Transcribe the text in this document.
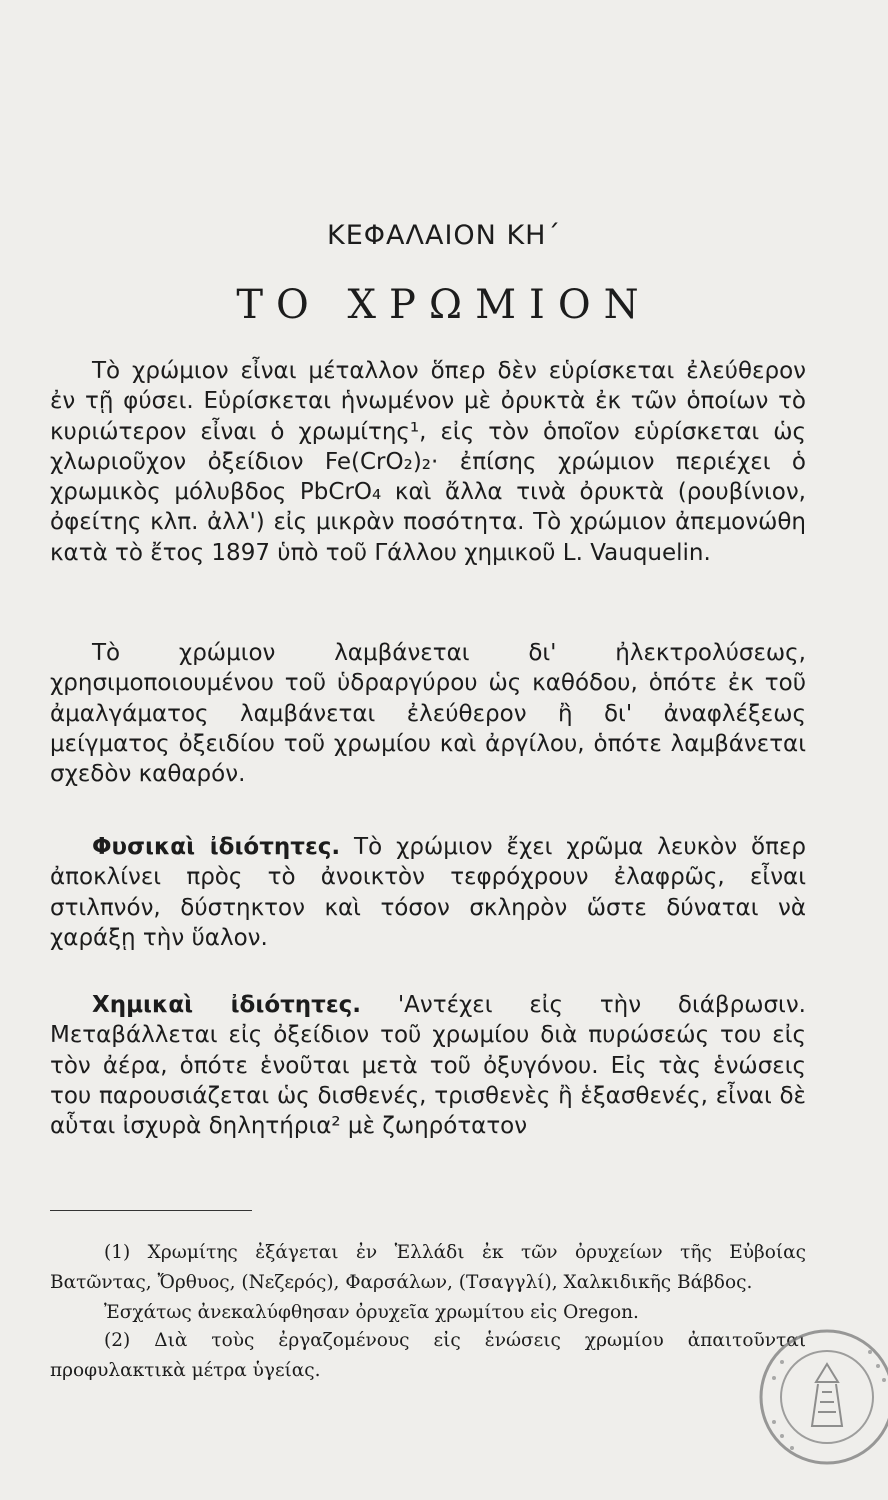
ΚΕΦΑΛΑΙΟΝ ΚΗ΄
ΤΟ ΧΡΩΜΙΟΝ

Τὸ χρώμιον εἶναι μέταλλον ὅπερ δὲν εὑρίσκεται ἐλεύθερον ἐν τῇ φύσει. Εὑρίσκεται ἡνωμένον μὲ ὀρυκτὰ ἐκ τῶν ὁποίων τὸ κυριώτερον εἶναι ὁ χρωμίτης¹, εἰς τὸν ὁποῖον εὑρίσκεται ὡς χλωριοῦχον ὀξείδιον Fe(CrO₂)₂· ἐπίσης χρώμιον περιέχει ὁ χρωμικὸς μόλυβδος PbCrO₄ καὶ ἄλλα τινὰ ὀρυκτὰ (ρουβίνιον, ὀφείτης κλπ. ἀλλ') εἰς μικρὰν ποσότητα. Τὸ χρώμιον ἀπεμονώθη κατὰ τὸ ἔτος 1897 ὑπὸ τοῦ Γάλλου χημικοῦ L. Vauquelin.

Τὸ χρώμιον λαμβάνεται δι' ἠλεκτρολύσεως, χρησιμοποιουμένου τοῦ ὑδραργύρου ὡς καθόδου, ὁπότε ἐκ τοῦ ἀμαλγάματος λαμβάνεται ἐλεύθερον ἢ δι' ἀναφλέξεως μείγματος ὀξειδίου τοῦ χρωμίου καὶ ἀργίλου, ὁπότε λαμβάνεται σχεδὸν καθαρόν.

Φυσικαὶ ἰδιότητες. Τὸ χρώμιον ἔχει χρῶμα λευκὸν ὅπερ ἀποκλίνει πρὸς τὸ ἀνοικτὸν τεφρόχρουν ἐλαφρῶς, εἶναι στιλπνόν, δύστηκτον καὶ τόσον σκληρὸν ὥστε δύναται νὰ χαράξῃ τὴν ὕαλον.

Χημικαὶ ἰδιότητες. 'Αντέχει εἰς τὴν διάβρωσιν. Μεταβάλλεται εἰς ὀξείδιον τοῦ χρωμίου διὰ πυρώσεώς του εἰς τὸν ἀέρα, ὁπότε ἑνοῦται μετὰ τοῦ ὀξυγόνου. Εἰς τὰς ἑνώσεις του παρουσιάζεται ὡς δισθενές, τρισθενὲς ἢ ἑξασθενές, εἶναι δὲ αὗται ἰσχυρὰ δηλητήρια² μὲ ζωηρότατον

(1) Χρωμίτης ἐξάγεται ἐν Ἑλλάδι ἐκ τῶν ὀρυχείων τῆς Εὐβοίας Βατῶντας, Ὄρθυος, (Νεζερός), Φαρσάλων, (Τσαγγλί), Χαλκιδικῆς Βάβδος.
Ἐσχάτως ἀνεκαλύφθησαν ὀρυχεῖα χρωμίτου εἰς Oregon.
(2) Διὰ τοὺς ἐργαζομένους εἰς ἑνώσεις χρωμίου ἀπαιτοῦνται προφυλακτικὰ μέτρα ὑγείας.
